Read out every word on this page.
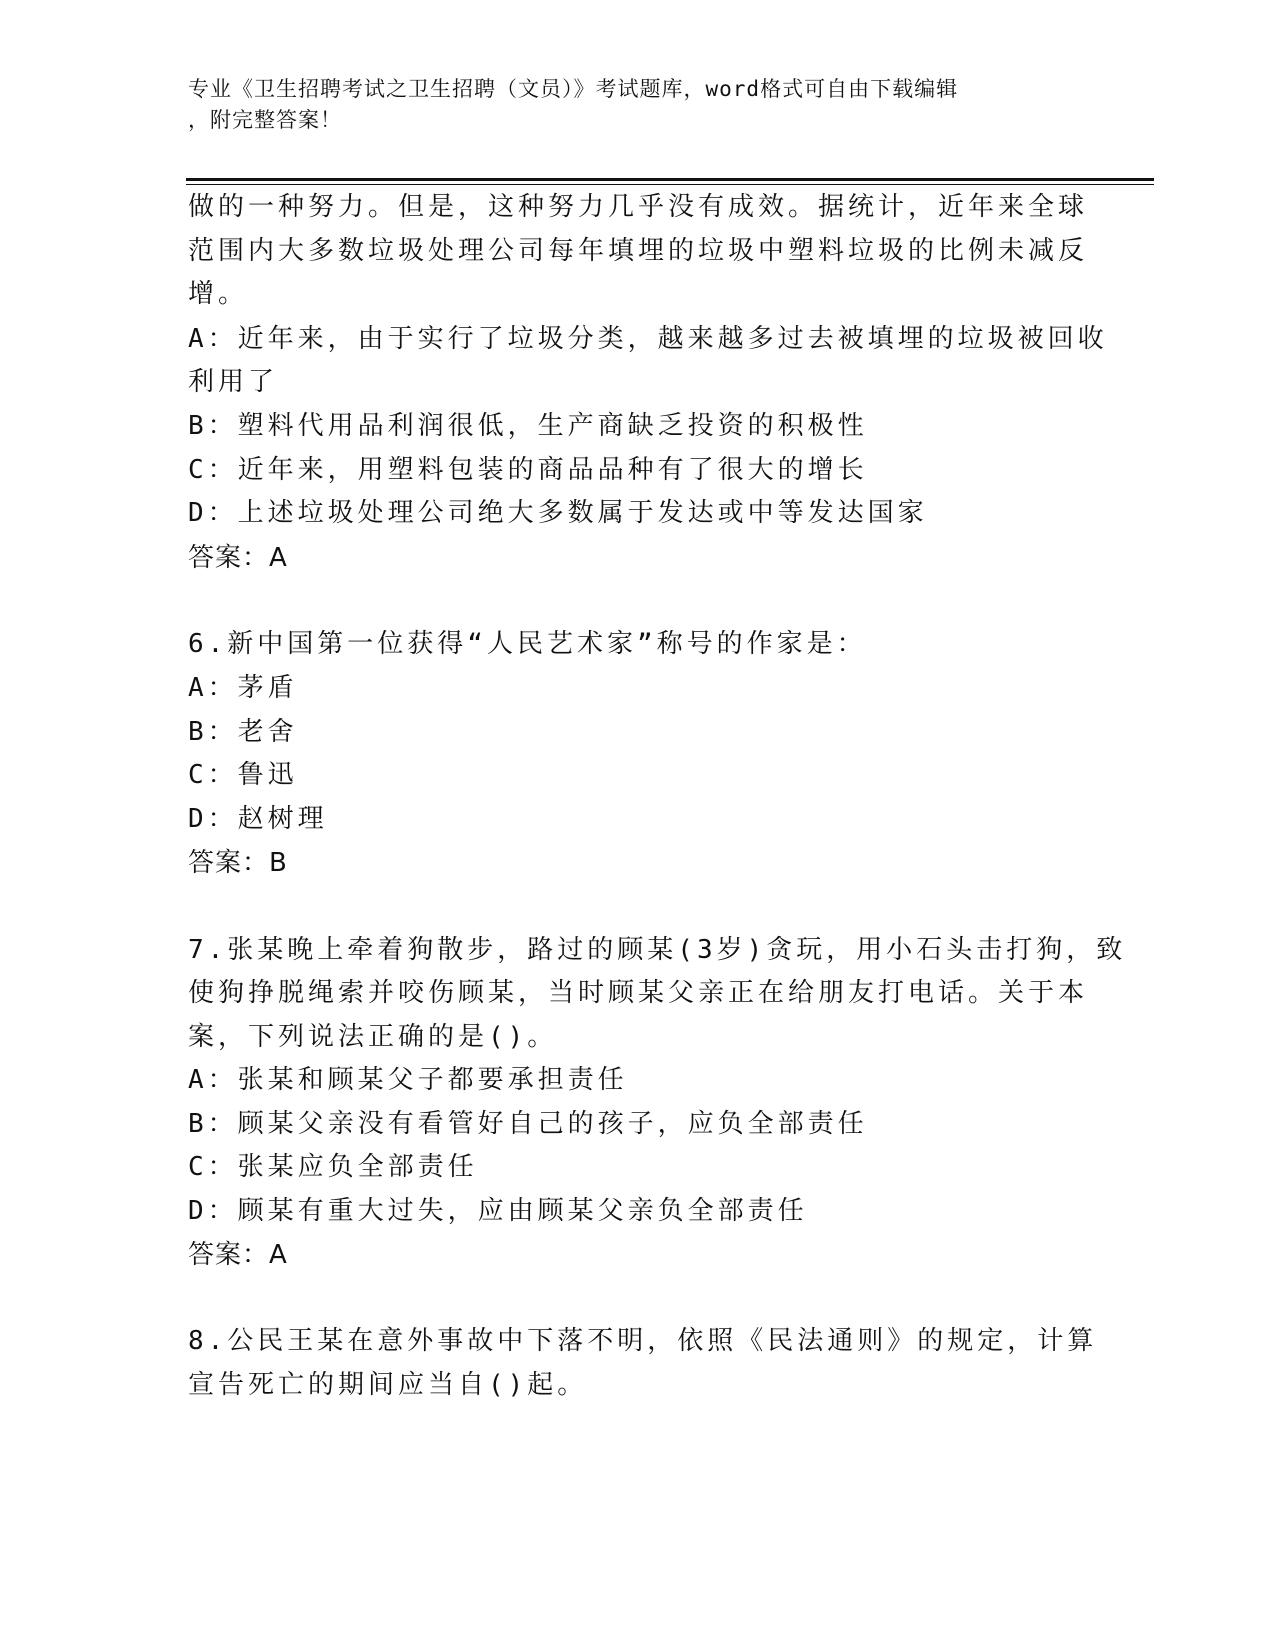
专业《卫生招聘考试之卫生招聘（文员）》考试题库，word格式可自由下载编辑
，附完整答案！
做的一种努力。但是，这种努力几乎没有成效。据统计，近年来全球
范围内大多数垃圾处理公司每年填埋的垃圾中塑料垃圾的比例未减反
增。
A：近年来，由于实行了垃圾分类，越来越多过去被填埋的垃圾被回收
利用了
B：塑料代用品利润很低，生产商缺乏投资的积极性
C：近年来，用塑料包装的商品品种有了很大的增长
D：上述垃圾处理公司绝大多数属于发达或中等发达国家
答案：A
6.新中国第一位获得“人民艺术家”称号的作家是：
A：茅盾
B：老舍
C：鲁迅
D：赵树理
答案：B
7.张某晚上牵着狗散步，路过的顾某(3岁)贪玩，用小石头击打狗，致
使狗挣脱绳索并咬伤顾某，当时顾某父亲正在给朋友打电话。关于本
案，下列说法正确的是()。
A：张某和顾某父子都要承担责任
B：顾某父亲没有看管好自己的孩子，应负全部责任
C：张某应负全部责任
D：顾某有重大过失，应由顾某父亲负全部责任
答案：A
8.公民王某在意外事故中下落不明，依照《民法通则》的规定，计算
宣告死亡的期间应当自()起。
